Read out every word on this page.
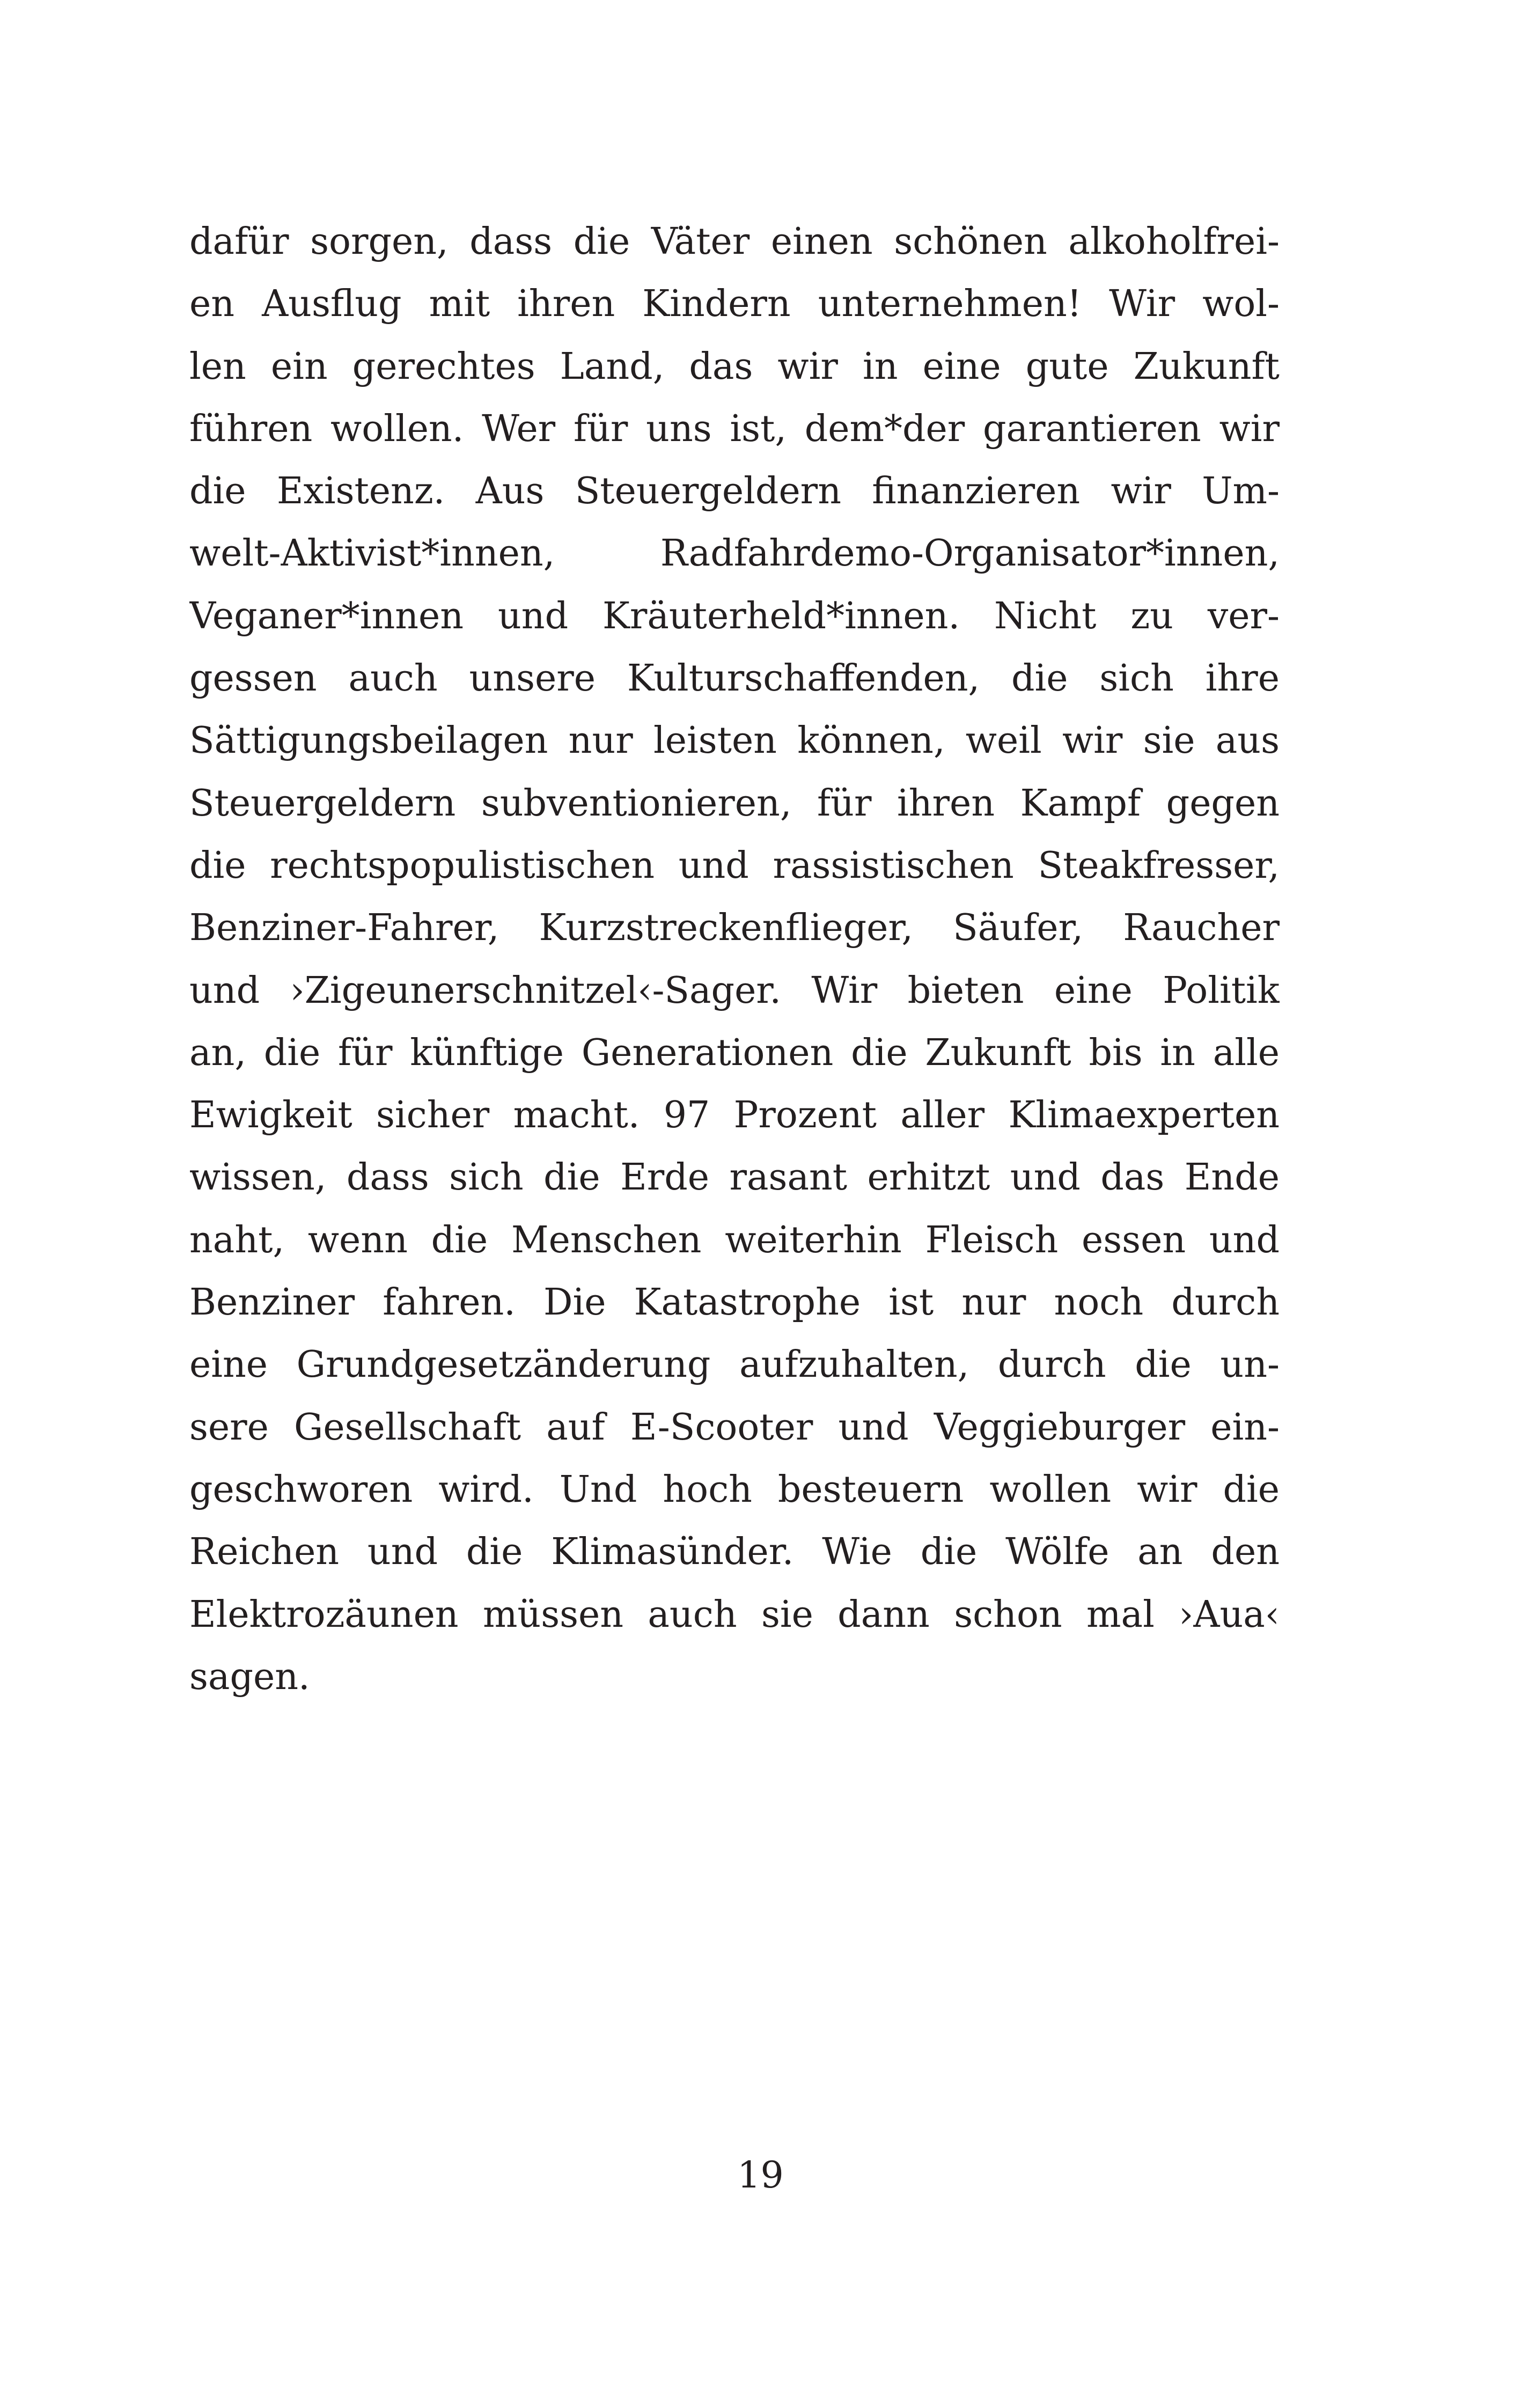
dafür sorgen, dass die Väter einen schönen alkoholfrei-
en Ausflug mit ihren Kindern unternehmen! Wir wol-
len ein gerechtes Land, das wir in eine gute Zukunft
führen wollen. Wer für uns ist, dem*der garantieren wir
die Existenz. Aus Steuergeldern finanzieren wir Um-
welt-Aktivist*innen, Radfahrdemo-Organisator*innen,
Veganer*innen und Kräuterheld*innen. Nicht zu ver-
gessen auch unsere Kulturschaffenden, die sich ihre
Sättigungsbeilagen nur leisten können, weil wir sie aus
Steuergeldern subventionieren, für ihren Kampf gegen
die rechtspopulistischen und rassistischen Steakfresser,
Benziner-Fahrer, Kurzstreckenflieger, Säufer, Raucher
und ›Zigeunerschnitzel‹-Sager. Wir bieten eine Politik
an, die für künftige Generationen die Zukunft bis in alle
Ewigkeit sicher macht. 97 Prozent aller Klimaexperten
wissen, dass sich die Erde rasant erhitzt und das Ende
naht, wenn die Menschen weiterhin Fleisch essen und
Benziner fahren. Die Katastrophe ist nur noch durch
eine Grundgesetzänderung aufzuhalten, durch die un-
sere Gesellschaft auf E-Scooter und Veggieburger ein-
geschworen wird. Und hoch besteuern wollen wir die
Reichen und die Klimasünder. Wie die Wölfe an den
Elektrozäunen müssen auch sie dann schon mal ›Aua‹
sagen.
19
